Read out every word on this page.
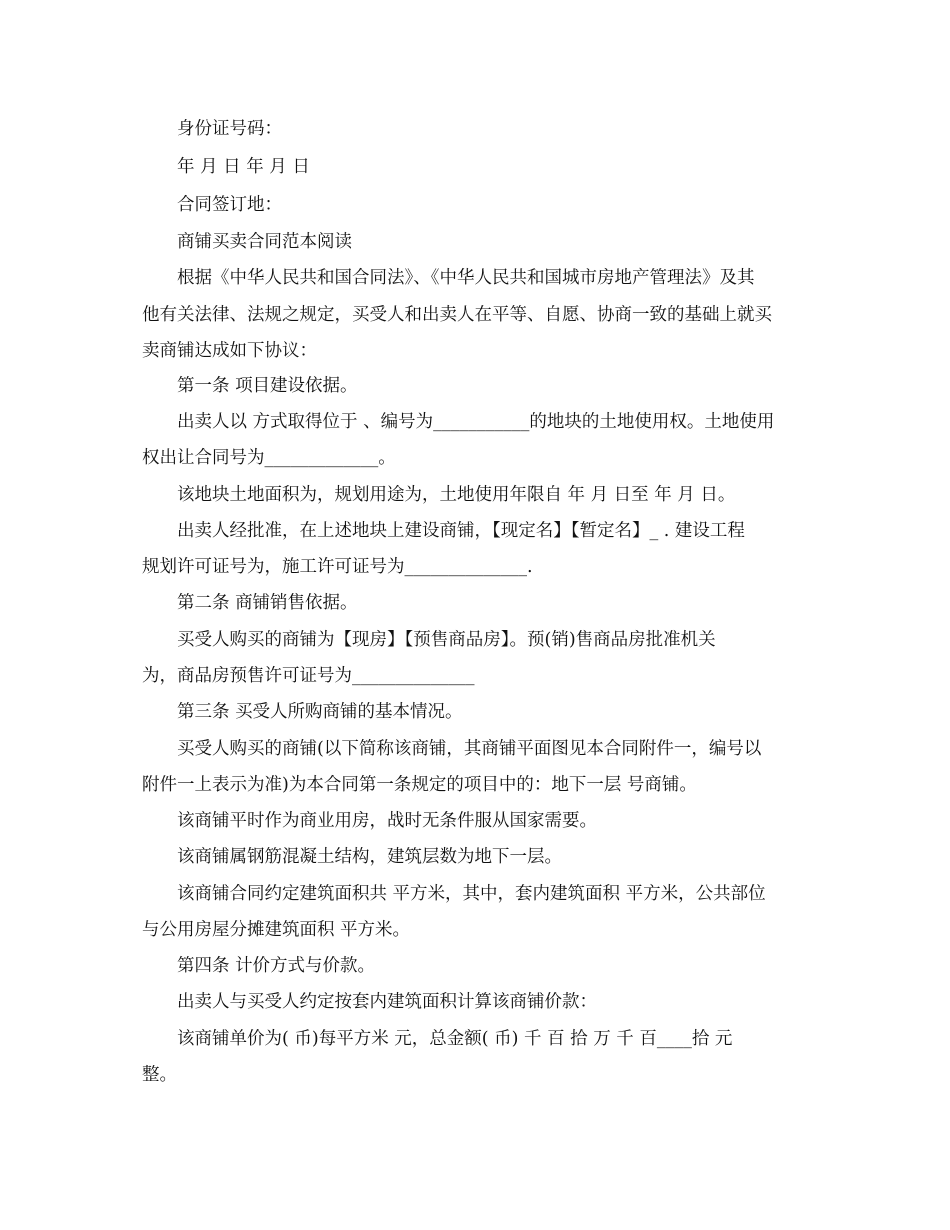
身份证号码：
年 月 日 年 月 日
合同签订地：
商铺买卖合同范本阅读
根据《中华人民共和国合同法》、《中华人民共和国城市房地产管理法》及其
他有关法律、法规之规定，买受人和出卖人在平等、自愿、协商一致的基础上就买
卖商铺达成如下协议：
第一条 项目建设依据。
出卖人以 方式取得位于 、编号为___________的地块的土地使用权。土地使用
权出让合同号为_____________。
该地块土地面积为，规划用途为，土地使用年限自 年 月 日至 年 月 日。
出卖人经批准，在上述地块上建设商铺，【现定名】【暂定名】_ . 建设工程
规划许可证号为，施工许可证号为______________.
第二条 商铺销售依据。
买受人购买的商铺为【现房】【预售商品房】。预(销)售商品房批准机关
为，商品房预售许可证号为______________
第三条 买受人所购商铺的基本情况。
买受人购买的商铺(以下简称该商铺，其商铺平面图见本合同附件一，编号以
附件一上表示为准)为本合同第一条规定的项目中的：地下一层 号商铺。
该商铺平时作为商业用房，战时无条件服从国家需要。
该商铺属钢筋混凝土结构，建筑层数为地下一层。
该商铺合同约定建筑面积共 平方米，其中，套内建筑面积 平方米，公共部位
与公用房屋分摊建筑面积 平方米。
第四条 计价方式与价款。
出卖人与买受人约定按套内建筑面积计算该商铺价款：
该商铺单价为( 币)每平方米 元，总金额( 币) 千 百 拾 万 千 百____拾 元
整。
